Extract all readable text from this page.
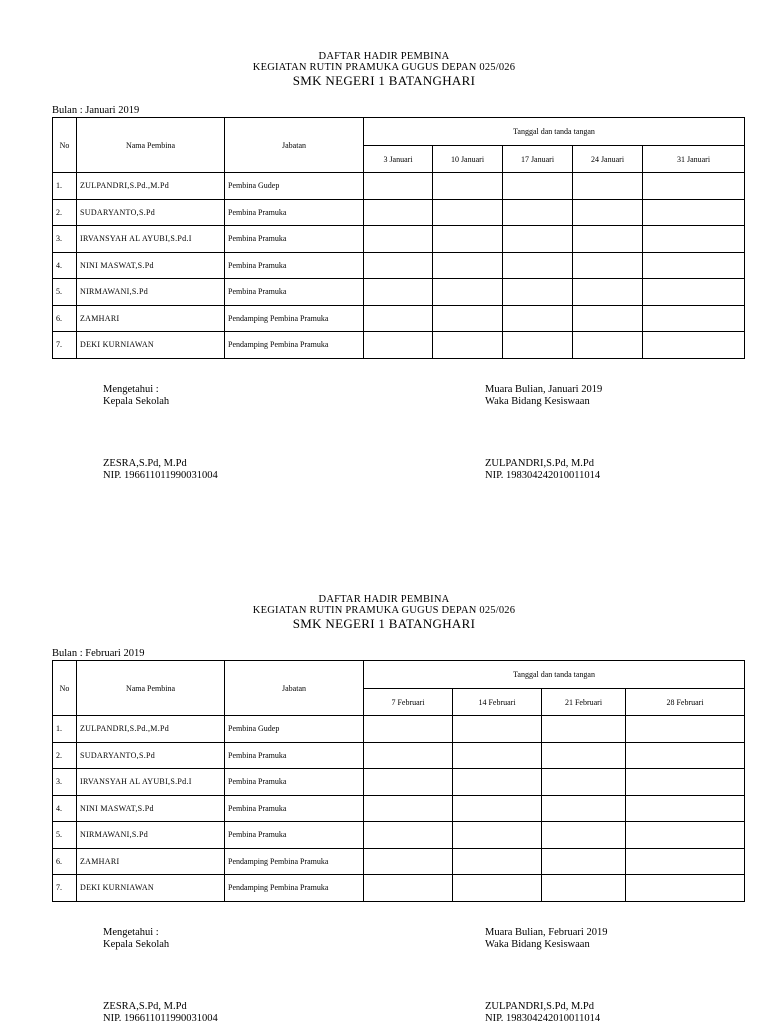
DAFTAR HADIR PEMBINA
KEGIATAN RUTIN PRAMUKA GUGUS DEPAN 025/026
SMK NEGERI 1 BATANGHARI
Bulan : Januari 2019
No	Nama Pembina	Jabatan	Tanggal dan tanda tangan				
			3 Januari	10 Januari	17 Januari	24 Januari	31 Januari
1.	ZULPANDRI,S.Pd.,M.Pd	Pembina Gudep					
2.	SUDARYANTO,S.Pd	Pembina Pramuka					
3.	IRVANSYAH AL AYUBI,S.Pd.I	Pembina Pramuka					
4.	NINI MASWAT,S.Pd	Pembina Pramuka					
5.	NIRMAWANI,S.Pd	Pembina Pramuka					
6.	ZAMHARI	Pendamping Pembina Pramuka					
7.	DEKI KURNIAWAN	Pendamping Pembina Pramuka					
Mengetahui :
Kepala Sekolah
Muara Bulian, Januari 2019
Waka Bidang Kesiswaan
ZESRA,S.Pd, M.Pd
NIP. 196611011990031004
ZULPANDRI,S.Pd, M.Pd
NIP. 198304242010011014
DAFTAR HADIR PEMBINA
KEGIATAN RUTIN PRAMUKA GUGUS DEPAN 025/026
SMK NEGERI 1 BATANGHARI
Bulan : Februari 2019
No	Nama Pembina	Jabatan	Tanggal dan tanda tangan			
			7 Februari	14 Februari	21 Februari	28 Februari
1.	ZULPANDRI,S.Pd.,M.Pd	Pembina Gudep				
2.	SUDARYANTO,S.Pd	Pembina Pramuka				
3.	IRVANSYAH AL AYUBI,S.Pd.I	Pembina Pramuka				
4.	NINI MASWAT,S.Pd	Pembina Pramuka				
5.	NIRMAWANI,S.Pd	Pembina Pramuka				
6.	ZAMHARI	Pendamping Pembina Pramuka				
7.	DEKI KURNIAWAN	Pendamping Pembina Pramuka				
Mengetahui :
Kepala Sekolah
Muara Bulian, Februari 2019
Waka Bidang Kesiswaan
ZESRA,S.Pd, M.Pd
NIP. 196611011990031004
ZULPANDRI,S.Pd, M.Pd
NIP. 198304242010011014
